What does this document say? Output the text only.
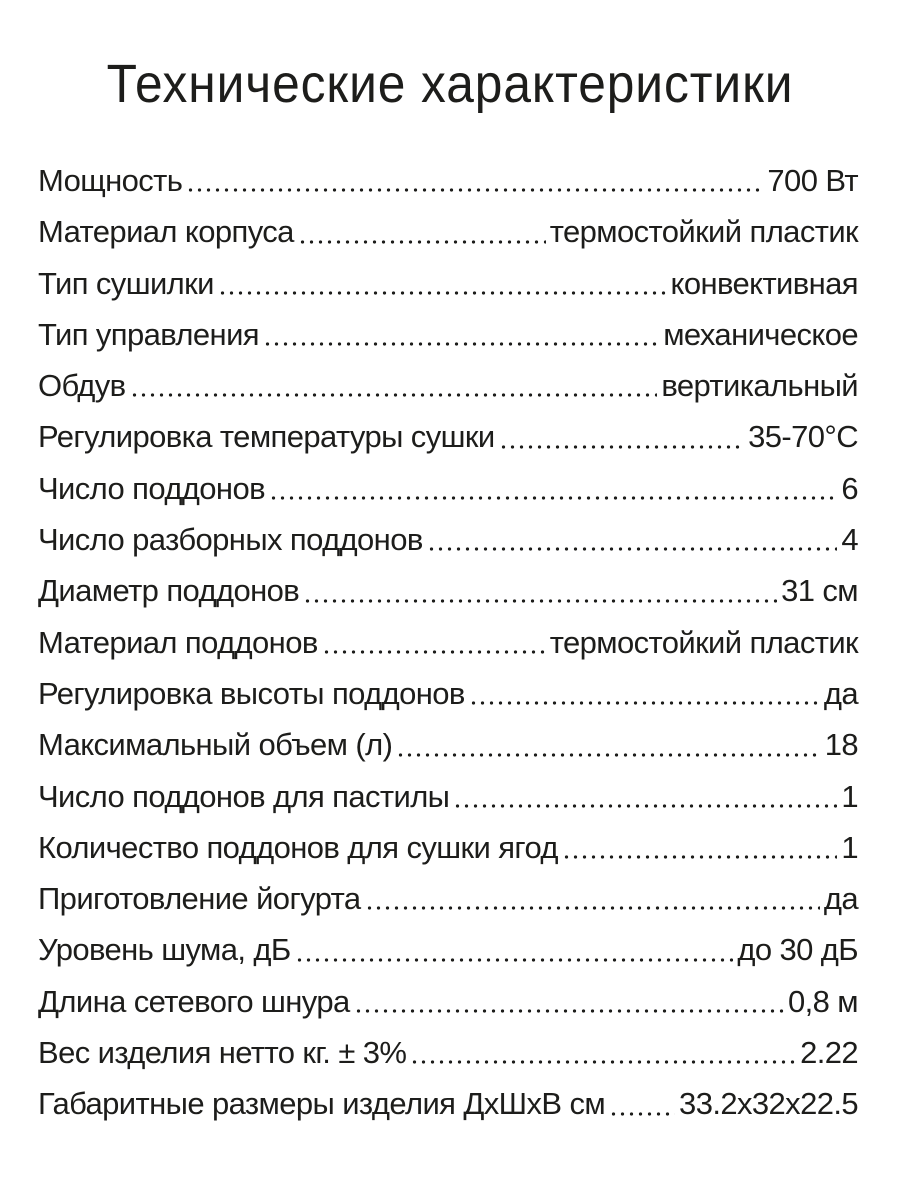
Технические характеристики
Мощность	700 Вт
Материал корпуса	термостойкий пластик
Тип сушилки	конвективная
Тип управления	механическое
Обдув	вертикальный
Регулировка температуры сушки	35-70°С
Число поддонов	6
Число разборных поддонов	4
Диаметр поддонов	31 см
Материал поддонов	термостойкий пластик
Регулировка высоты поддонов	да
Максимальный объем (л)	18
Число поддонов для пастилы	1
Количество поддонов для сушки ягод	1
Приготовление йогурта	да
Уровень шума, дБ	до 30 дБ
Длина сетевого шнура	0,8 м
Вес изделия нетто кг. ± 3%	2.22
Габаритные размеры изделия ДхШхВ см 33.2x32x22.5
